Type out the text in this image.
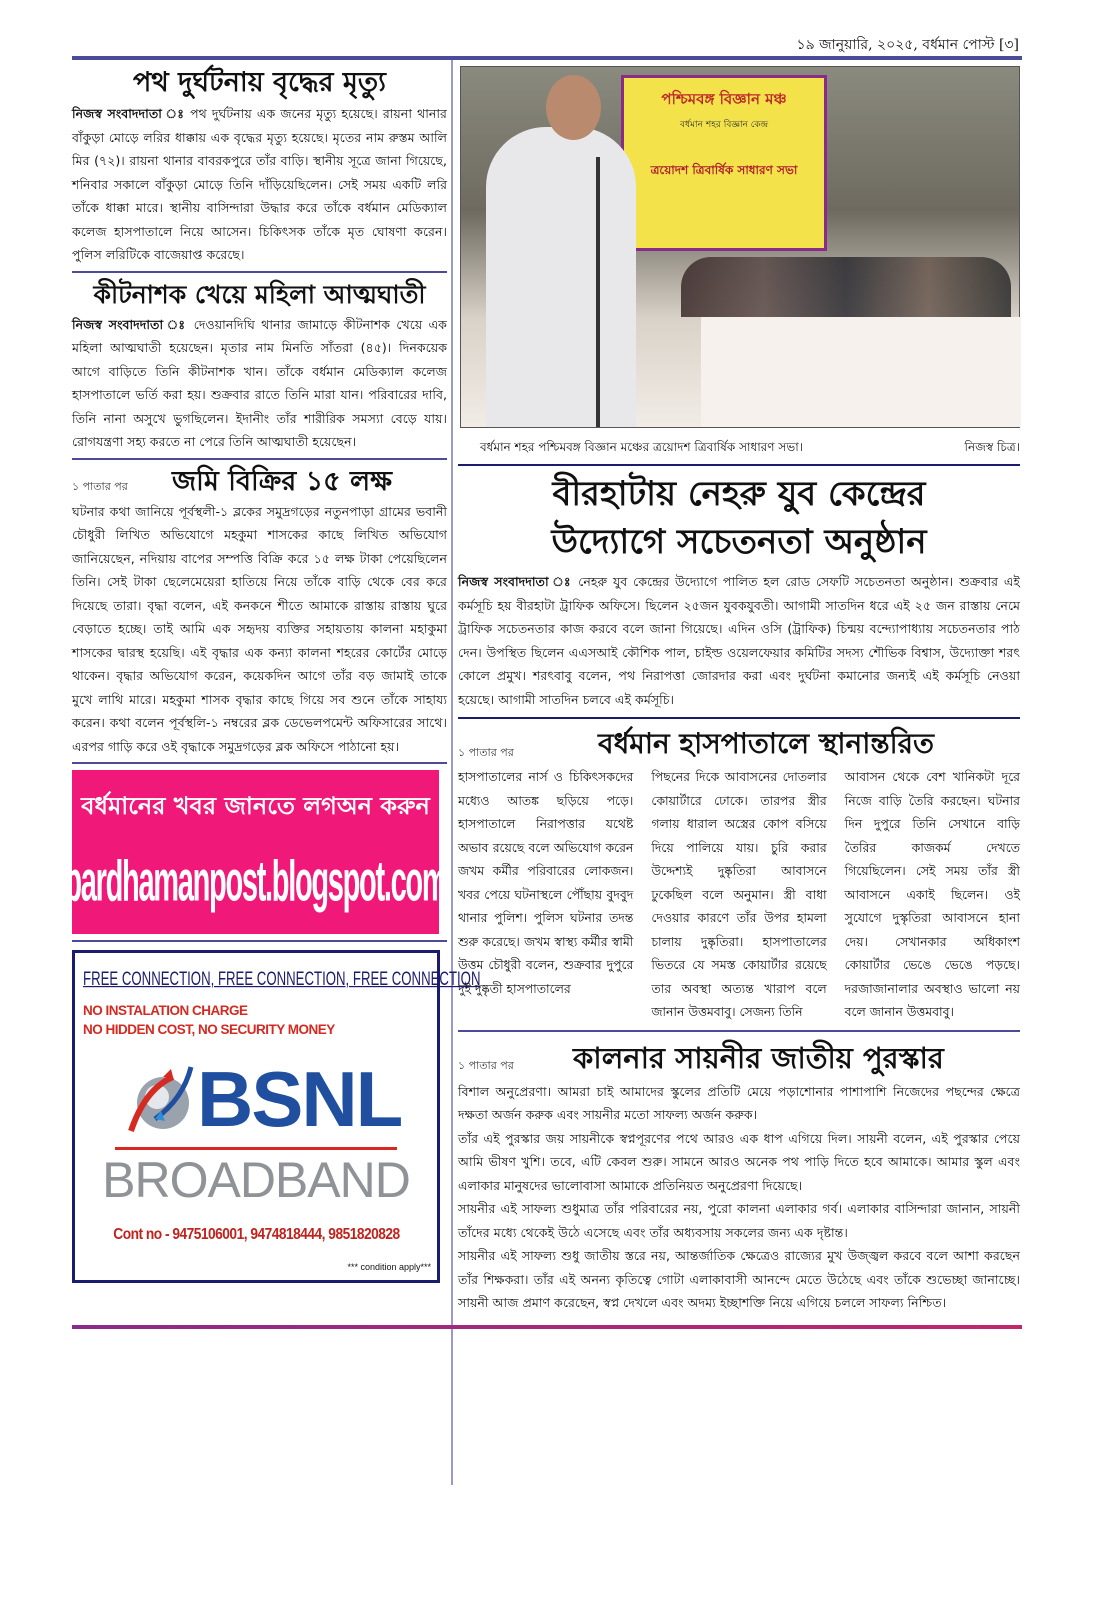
১৯ জানুয়ারি, ২০২৫, বর্ধমান পোস্ট [৩]
পথ দুর্ঘটনায় বৃদ্ধের মৃত্যু
নিজস্ব সংবাদদাতা ঃ পথ দুর্ঘটনায় এক জনের মৃত্যু হয়েছে। রায়না থানার বাঁকুড়া মোড়ে লরির ধাক্কায় এক বৃদ্ধের মৃত্যু হয়েছে। মৃতের নাম রুস্তম আলি মির (৭২)। রায়না থানার বাবরকপুরে তাঁর বাড়ি। স্থানীয় সূত্রে জানা গিয়েছে, শনিবার সকালে বাঁকুড়া মোড়ে তিনি দাঁড়িয়েছিলেন। সেই সময় একটি লরি তাঁকে ধাক্কা মারে। স্থানীয় বাসিন্দারা উদ্ধার করে তাঁকে বর্ধমান মেডিক্যাল কলেজ হাসপাতালে নিয়ে আসেন। চিকিৎসক তাঁকে মৃত ঘোষণা করেন। পুলিস লরিটিকে বাজেয়াপ্ত করেছে।
কীটনাশক খেয়ে মহিলা আত্মঘাতী
নিজস্ব সংবাদদাতা ঃ দেওয়ানদিঘি থানার জামাড়ে কীটনাশক খেয়ে এক মহিলা আত্মঘাতী হয়েছেন। মৃতার নাম মিনতি সাঁতরা (৪৫)। দিনকয়েক আগে বাড়িতে তিনি কীটনাশক খান। তাঁকে বর্ধমান মেডিক্যাল কলেজ হাসপাতালে ভর্তি করা হয়। শুক্রবার রাতে তিনি মারা যান। পরিবারের দাবি, তিনি নানা অসুখে ভুগছিলেন। ইদানীং তাঁর শারীরিক সমস্যা বেড়ে যায়। রোগযন্ত্রণা সহ্য করতে না পেরে তিনি আত্মঘাতী হয়েছেন।
১ পাতার পর	জমি বিক্রির ১৫ লক্ষ
ঘটনার কথা জানিয়ে পূর্বস্থলী-১ ব্লকের সমুদ্রগড়ের নতুনপাড়া গ্রামের ভবানী চৌধুরী লিখিত অভিযোগে মহকুমা শাসকের কাছে লিখিত অভিযোগ জানিয়েছেন, নদিয়ায় বাপের সম্পত্তি বিক্রি করে ১৫ লক্ষ টাকা পেয়েছিলেন তিনি। সেই টাকা ছেলেমেয়েরা হাতিয়ে নিয়ে তাঁকে বাড়ি থেকে বের করে দিয়েছে তারা। বৃদ্ধা বলেন, এই কনকনে শীতে আমাকে রাস্তায় রাস্তায় ঘুরে বেড়াতে হচ্ছে। তাই আমি এক সহৃদয় ব্যক্তির সহায়তায় কালনা মহাকুমা শাসকের দ্বারস্থ হয়েছি। এই বৃদ্ধার এক কন্যা কালনা শহরের কোর্টের মোড়ে থাকেন। বৃদ্ধার অভিযোগ করেন, কয়েকদিন আগে তাঁর বড় জামাই তাকে মুখে লাথি মারে। মহকুমা শাসক বৃদ্ধার কাছে গিয়ে সব শুনে তাঁকে সাহায্য করেন। কথা বলেন পূর্বস্থলি-১ নম্বরের ব্লক ডেভেলপমেন্ট অফিসারের সাথে। এরপর গাড়ি করে ওই বৃদ্ধাকে সমুদ্রগড়ের ব্লক অফিসে পাঠানো হয়।
বর্ধমানের খবর জানতে লগঅন করুন
bardhamanpost.blogspot.com
FREE CONNECTION, FREE CONNECTION, FREE CONNECTION
NO INSTALATION CHARGE
NO HIDDEN COST, NO SECURITY MONEY
BSNL
BROADBAND
Cont no - 9475106001, 9474818444, 9851820828
*** condition apply***
পশ্চিমবঙ্গ বিজ্ঞান মঞ্চ
বর্ধমান শহর বিজ্ঞান কেন্দ্র
ত্রয়োদশ ত্রিবার্ষিক সাধারণ সভা
বর্ধমান শহর পশ্চিমবঙ্গ বিজ্ঞান মঞ্চের ত্রয়োদশ ত্রিবার্ষিক সাধারণ সভা।	নিজস্ব চিত্র।
বীরহাটায় নেহরু যুব কেন্দ্রের
উদ্যোগে সচেতনতা অনুষ্ঠান
নিজস্ব সংবাদদাতা ঃ নেহরু যুব কেন্দ্রের উদ্যোগে পালিত হল রোড সেফটি সচেতনতা অনুষ্ঠান। শুক্রবার এই কর্মসূচি হয় বীরহাটা ট্রাফিক অফিসে। ছিলেন ২৫জন যুবকযুবতী। আগামী সাতদিন ধরে এই ২৫ জন রাস্তায় নেমে ট্রাফিক সচেতনতার কাজ করবে বলে জানা গিয়েছে। এদিন ওসি (ট্রাফিক) চিন্ময় বন্দ্যোপাধ্যায় সচেতনতার পাঠ দেন। উপস্থিত ছিলেন এএসআই কৌশিক পাল, চাইল্ড ওয়েলফেয়ার কমিটির সদস্য শৌভিক বিশ্বাস, উদ্যোক্তা শরৎ কোলে প্রমুখ। শরৎবাবু বলেন, পথ নিরাপত্তা জোরদার করা এবং দুর্ঘটনা কমানোর জন্যই এই কর্মসূচি নেওয়া হয়েছে। আগামী সাতদিন চলবে এই কর্মসূচি।
১ পাতার পর	বর্ধমান হাসপাতালে স্থানান্তরিত
হাসপাতালের নার্স ও চিকিৎসকদের মধ্যেও আতঙ্ক ছড়িয়ে পড়ে। হাসপাতালে নিরাপত্তার যথেষ্ট অভাব রয়েছে বলে অভিযোগ করেন জখম কর্মীর পরিবারের লোকজন। খবর পেয়ে ঘটনাস্থলে পৌঁছায় বুদবুদ থানার পুলিশ। পুলিস ঘটনার তদন্ত শুরু করেছে। জখম স্বাস্থ্য কর্মীর স্বামী উত্তম চৌধুরী বলেন, শুক্রবার দুপুরে দুই দুষ্কৃতী হাসপাতালের
পিছনের দিকে আবাসনের দোতলার কোয়ার্টারে ঢোকে। তারপর স্ত্রীর গলায় ধারাল অস্ত্রের কোপ বসিয়ে দিয়ে পালিয়ে যায়। চুরি করার উদ্দেশ্যই দুষ্কৃতিরা আবাসনে ঢুকেছিল বলে অনুমান। স্ত্রী বাধা দেওয়ার কারণে তাঁর উপর হামলা চালায় দুষ্কৃতিরা। হাসপাতালের ভিতরে যে সমস্ত কোয়ার্টার রয়েছে তার অবস্থা অত্যন্ত খারাপ বলে জানান উত্তমবাবু। সেজন্য তিনি
আবাসন থেকে বেশ খানিকটা দূরে নিজে বাড়ি তৈরি করছেন। ঘটনার দিন দুপুরে তিনি সেখানে বাড়ি তৈরির কাজকর্ম দেখতে গিয়েছিলেন। সেই সময় তাঁর স্ত্রী আবাসনে একাই ছিলেন। ওই সুযোগে দুস্কৃতিরা আবাসনে হানা দেয়। সেখানকার অধিকাংশ কোয়ার্টার ভেঙে ভেঙে পড়ছে। দরজাজানালার অবস্থাও ভালো নয় বলে জানান উত্তমবাবু।
১ পাতার পর	কালনার সায়নীর জাতীয় পুরস্কার
বিশাল অনুপ্রেরণা। আমরা চাই আমাদের স্কুলের প্রতিটি মেয়ে পড়াশোনার পাশাপাশি নিজেদের পছন্দের ক্ষেত্রে দক্ষতা অর্জন করুক এবং সায়নীর মতো সাফল্য অর্জন করুক।
তাঁর এই পুরস্কার জয় সায়নীকে স্বপ্নপূরণের পথে আরও এক ধাপ এগিয়ে দিল। সায়নী বলেন, এই পুরস্কার পেয়ে আমি ভীষণ খুশি। তবে, এটি কেবল শুরু। সামনে আরও অনেক পথ পাড়ি দিতে হবে আমাকে। আমার স্কুল এবং এলাকার মানুষদের ভালোবাসা আমাকে প্রতিনিয়ত অনুপ্রেরণা দিয়েছে।
সায়নীর এই সাফল্য শুধুমাত্র তাঁর পরিবারের নয়, পুরো কালনা এলাকার গর্ব। এলাকার বাসিন্দারা জানান, সায়নী তাঁদের মধ্যে থেকেই উঠে এসেছে এবং তাঁর অধ্যবসায় সকলের জন্য এক দৃষ্টান্ত।
সায়নীর এই সাফল্য শুধু জাতীয় স্তরে নয়, আন্তর্জাতিক ক্ষেত্রেও রাজ্যের মুখ উজ্জ্বল করবে বলে আশা করছেন তাঁর শিক্ষকরা। তাঁর এই অনন্য কৃতিত্বে গোটা এলাকাবাসী আনন্দে মেতে উঠেছে এবং তাঁকে শুভেচ্ছা জানাচ্ছে। সায়নী আজ প্রমাণ করেছেন, স্বপ্ন দেখলে এবং অদম্য ইচ্ছাশক্তি নিয়ে এগিয়ে চললে সাফল্য নিশ্চিত।
